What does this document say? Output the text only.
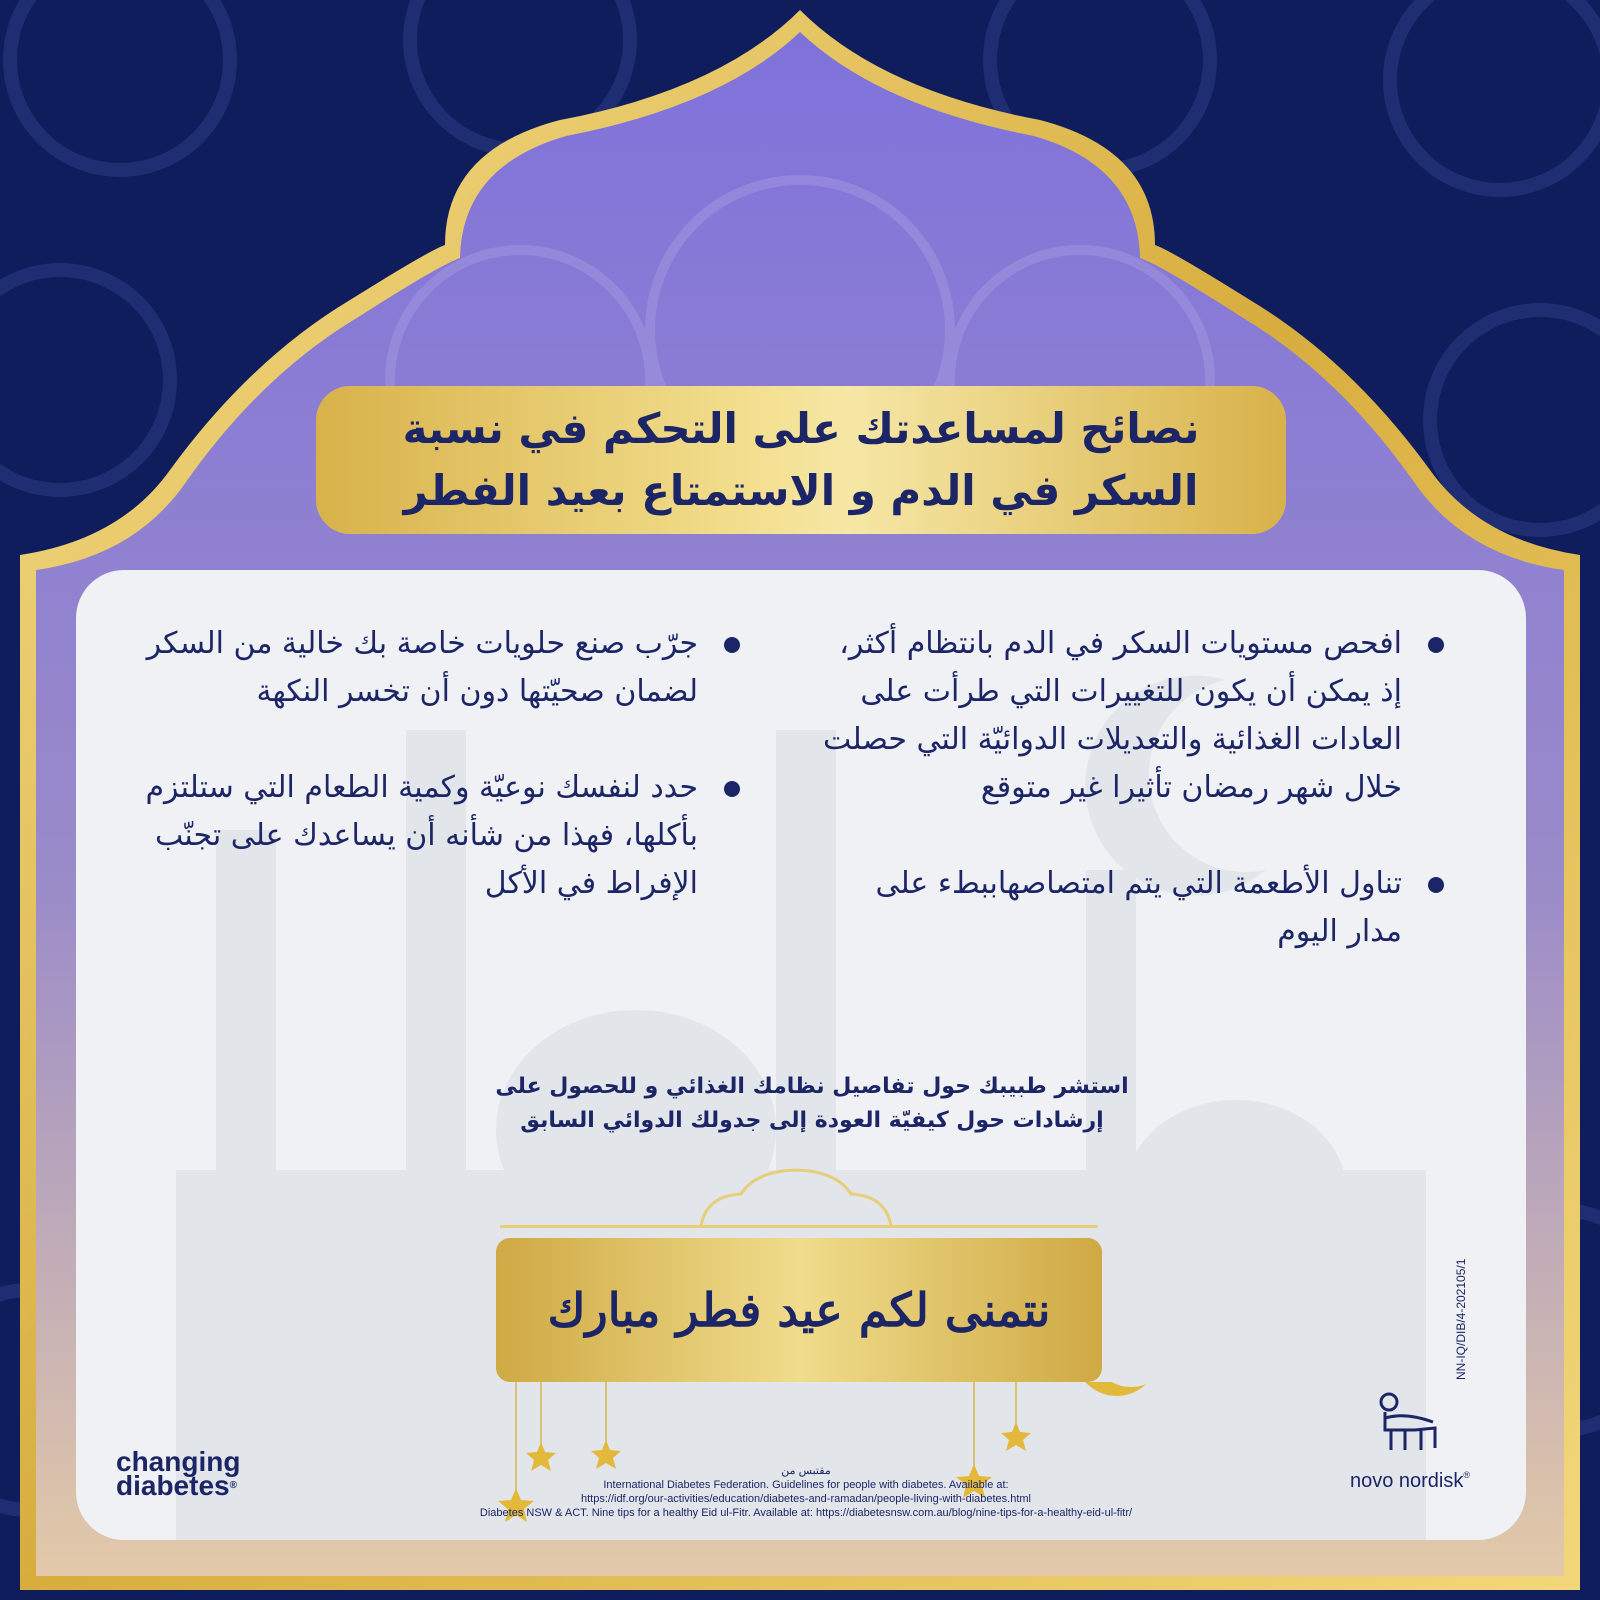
نصائح لمساعدتك على التحكم في نسبة السكر في الدم و الاستمتاع بعيد الفطر
افحص مستويات السكر في الدم بانتظام أكثر، إذ يمكن أن يكون للتغييرات التي طرأت على العادات الغذائية والتعديلات الدوائيّة التي حصلت خلال شهر رمضان تأثيرا غير متوقع
تناول الأطعمة التي يتم امتصاصهاببطء على مدار اليوم
جرّب صنع حلويات خاصة بك خالية من السكر لضمان صحيّتها دون أن تخسر النكهة
حدد لنفسك نوعيّة وكمية الطعام التي ستلتزم بأكلها، فهذا من شأنه أن يساعدك على تجنّب الإفراط في الأكل
استشر طبيبك حول تفاصيل نظامك الغذائي و للحصول على إرشادات حول كيفيّة العودة إلى جدولك الدوائي السابق
نتمنى لكم عيد فطر مبارك
مقتبس من
International Diabetes Federation. Guidelines for people with diabetes. Available at:
https://idf.org/our-activities/education/diabetes-and-ramadan/people-living-with-diabetes.html
Diabetes NSW & ACT. Nine tips for a healthy Eid ul-Fitr. Available at: https://diabetesnsw.com.au/blog/nine-tips-for-a-healthy-eid-ul-fitr/
changing
diabetes®	novo nordisk®
NN-IQ/DIB/4-202105/1
